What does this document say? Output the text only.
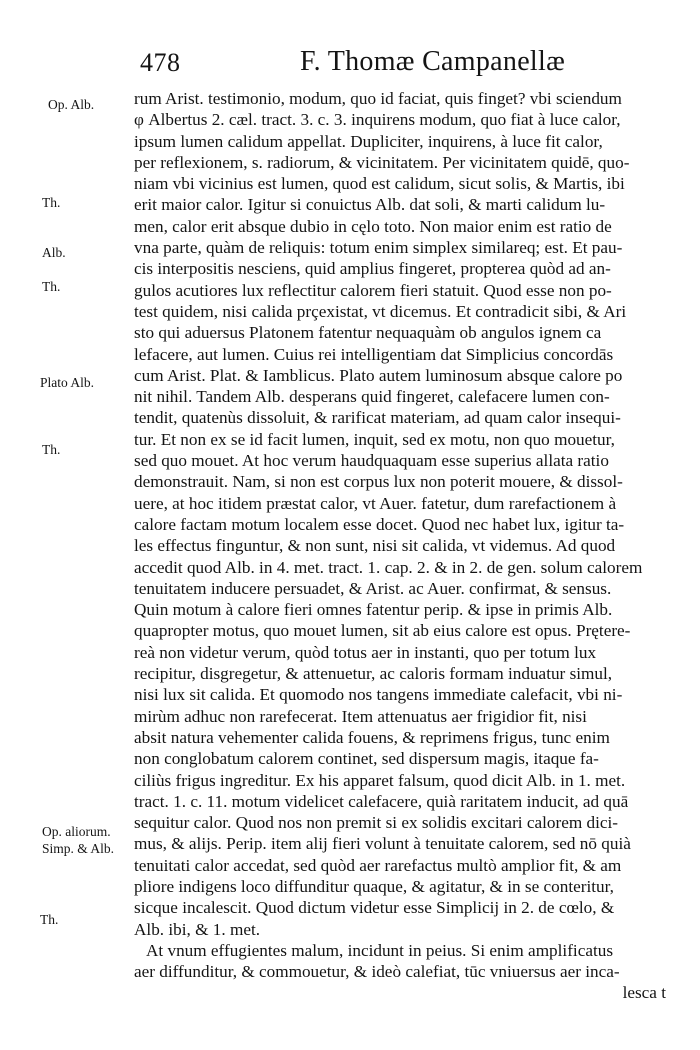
478	F. Thomæ Campanellæ
Op. Alb.
Th.
Alb.
Th.
Plato Alb.
Th.
Op. aliorum.
Simp. & Alb.
Th.
rum Arist. testimonio, modum, quo id faciat, quis finget? vbi sciendum
φ Albertus 2. cæl. tract. 3. c. 3. inquirens modum, quo fiat à luce calor,
ipsum lumen calidum appellat. Dupliciter, inquirens, à luce fit calor,
per reflexionem, s. radiorum, & vicinitatem. Per vicinitatem quidē, quo-
niam vbi vicinius est lumen, quod est calidum, sicut solis, & Martis, ibi
erit maior calor. Igitur si conuictus Alb. dat soli, & marti calidum lu-
men, calor erit absque dubio in cęlo toto. Non maior enim est ratio de
vna parte, quàm de reliquis: totum enim simplex similareq; est. Et pau-
cis interpositis nesciens, quid amplius fingeret, propterea quòd ad an-
gulos acutiores lux reflectitur calorem fieri statuit. Quod esse non po-
test quidem, nisi calida prçexistat, vt dicemus. Et contradicit sibi, & Ari
sto qui aduersus Platonem fatentur nequaquàm ob angulos ignem ca
lefacere, aut lumen. Cuius rei intelligentiam dat Simplicius concordās
cum Arist. Plat. & Iamblicus. Plato autem luminosum absque calore po
nit nihil. Tandem Alb. desperans quid fingeret, calefacere lumen con-
tendit, quatenùs dissoluit, & rarificat materiam, ad quam calor insequi-
tur. Et non ex se id facit lumen, inquit, sed ex motu, non quo mouetur,
sed quo mouet. At hoc verum haudquaquam esse superius allata ratio
demonstrauit. Nam, si non est corpus lux non poterit mouere, & dissol-
uere, at hoc itidem præstat calor, vt Auer. fatetur, dum rarefactionem à
calore factam motum localem esse docet. Quod nec habet lux, igitur ta-
les effectus finguntur, & non sunt, nisi sit calida, vt videmus. Ad quod
accedit quod Alb. in 4. met. tract. 1. cap. 2. & in 2. de gen. solum calorem
tenuitatem inducere persuadet, & Arist. ac Auer. confirmat, & sensus.
Quin motum à calore fieri omnes fatentur perip. & ipse in primis Alb.
quapropter motus, quo mouet lumen, sit ab eius calore est opus. Prętere-
reà non videtur verum, quòd totus aer in instanti, quo per totum lux
recipitur, disgregetur, & attenuetur, ac caloris formam induatur simul,
nisi lux sit calida. Et quomodo nos tangens immediate calefacit, vbi ni-
mirùm adhuc non rarefecerat. Item attenuatus aer frigidior fit, nisi
absit natura vehementer calida fouens, & reprimens frigus, tunc enim
non conglobatum calorem continet, sed dispersum magis, itaque fa-
ciliùs frigus ingreditur. Ex his apparet falsum, quod dicit Alb. in 1. met.
tract. 1. c. 11. motum videlicet calefacere, quià raritatem inducit, ad quā
sequitur calor. Quod nos non premit si ex solidis excitari calorem dici-
mus, & alijs. Perip. item alij fieri volunt à tenuitate calorem, sed nō quià
tenuitati calor accedat, sed quòd aer rarefactus multò amplior fit, & am
pliore indigens loco diffunditur quaque, & agitatur, & in se conteritur,
sicque incalescit. Quod dictum videtur esse Simplicij in 2. de cœlo, &
Alb. ibi, & 1. met.
At vnum effugientes malum, incidunt in peius. Si enim amplificatus
aer diffunditur, & commouetur, & ideò calefiat, tūc vniuersus aer inca-
lesca t
